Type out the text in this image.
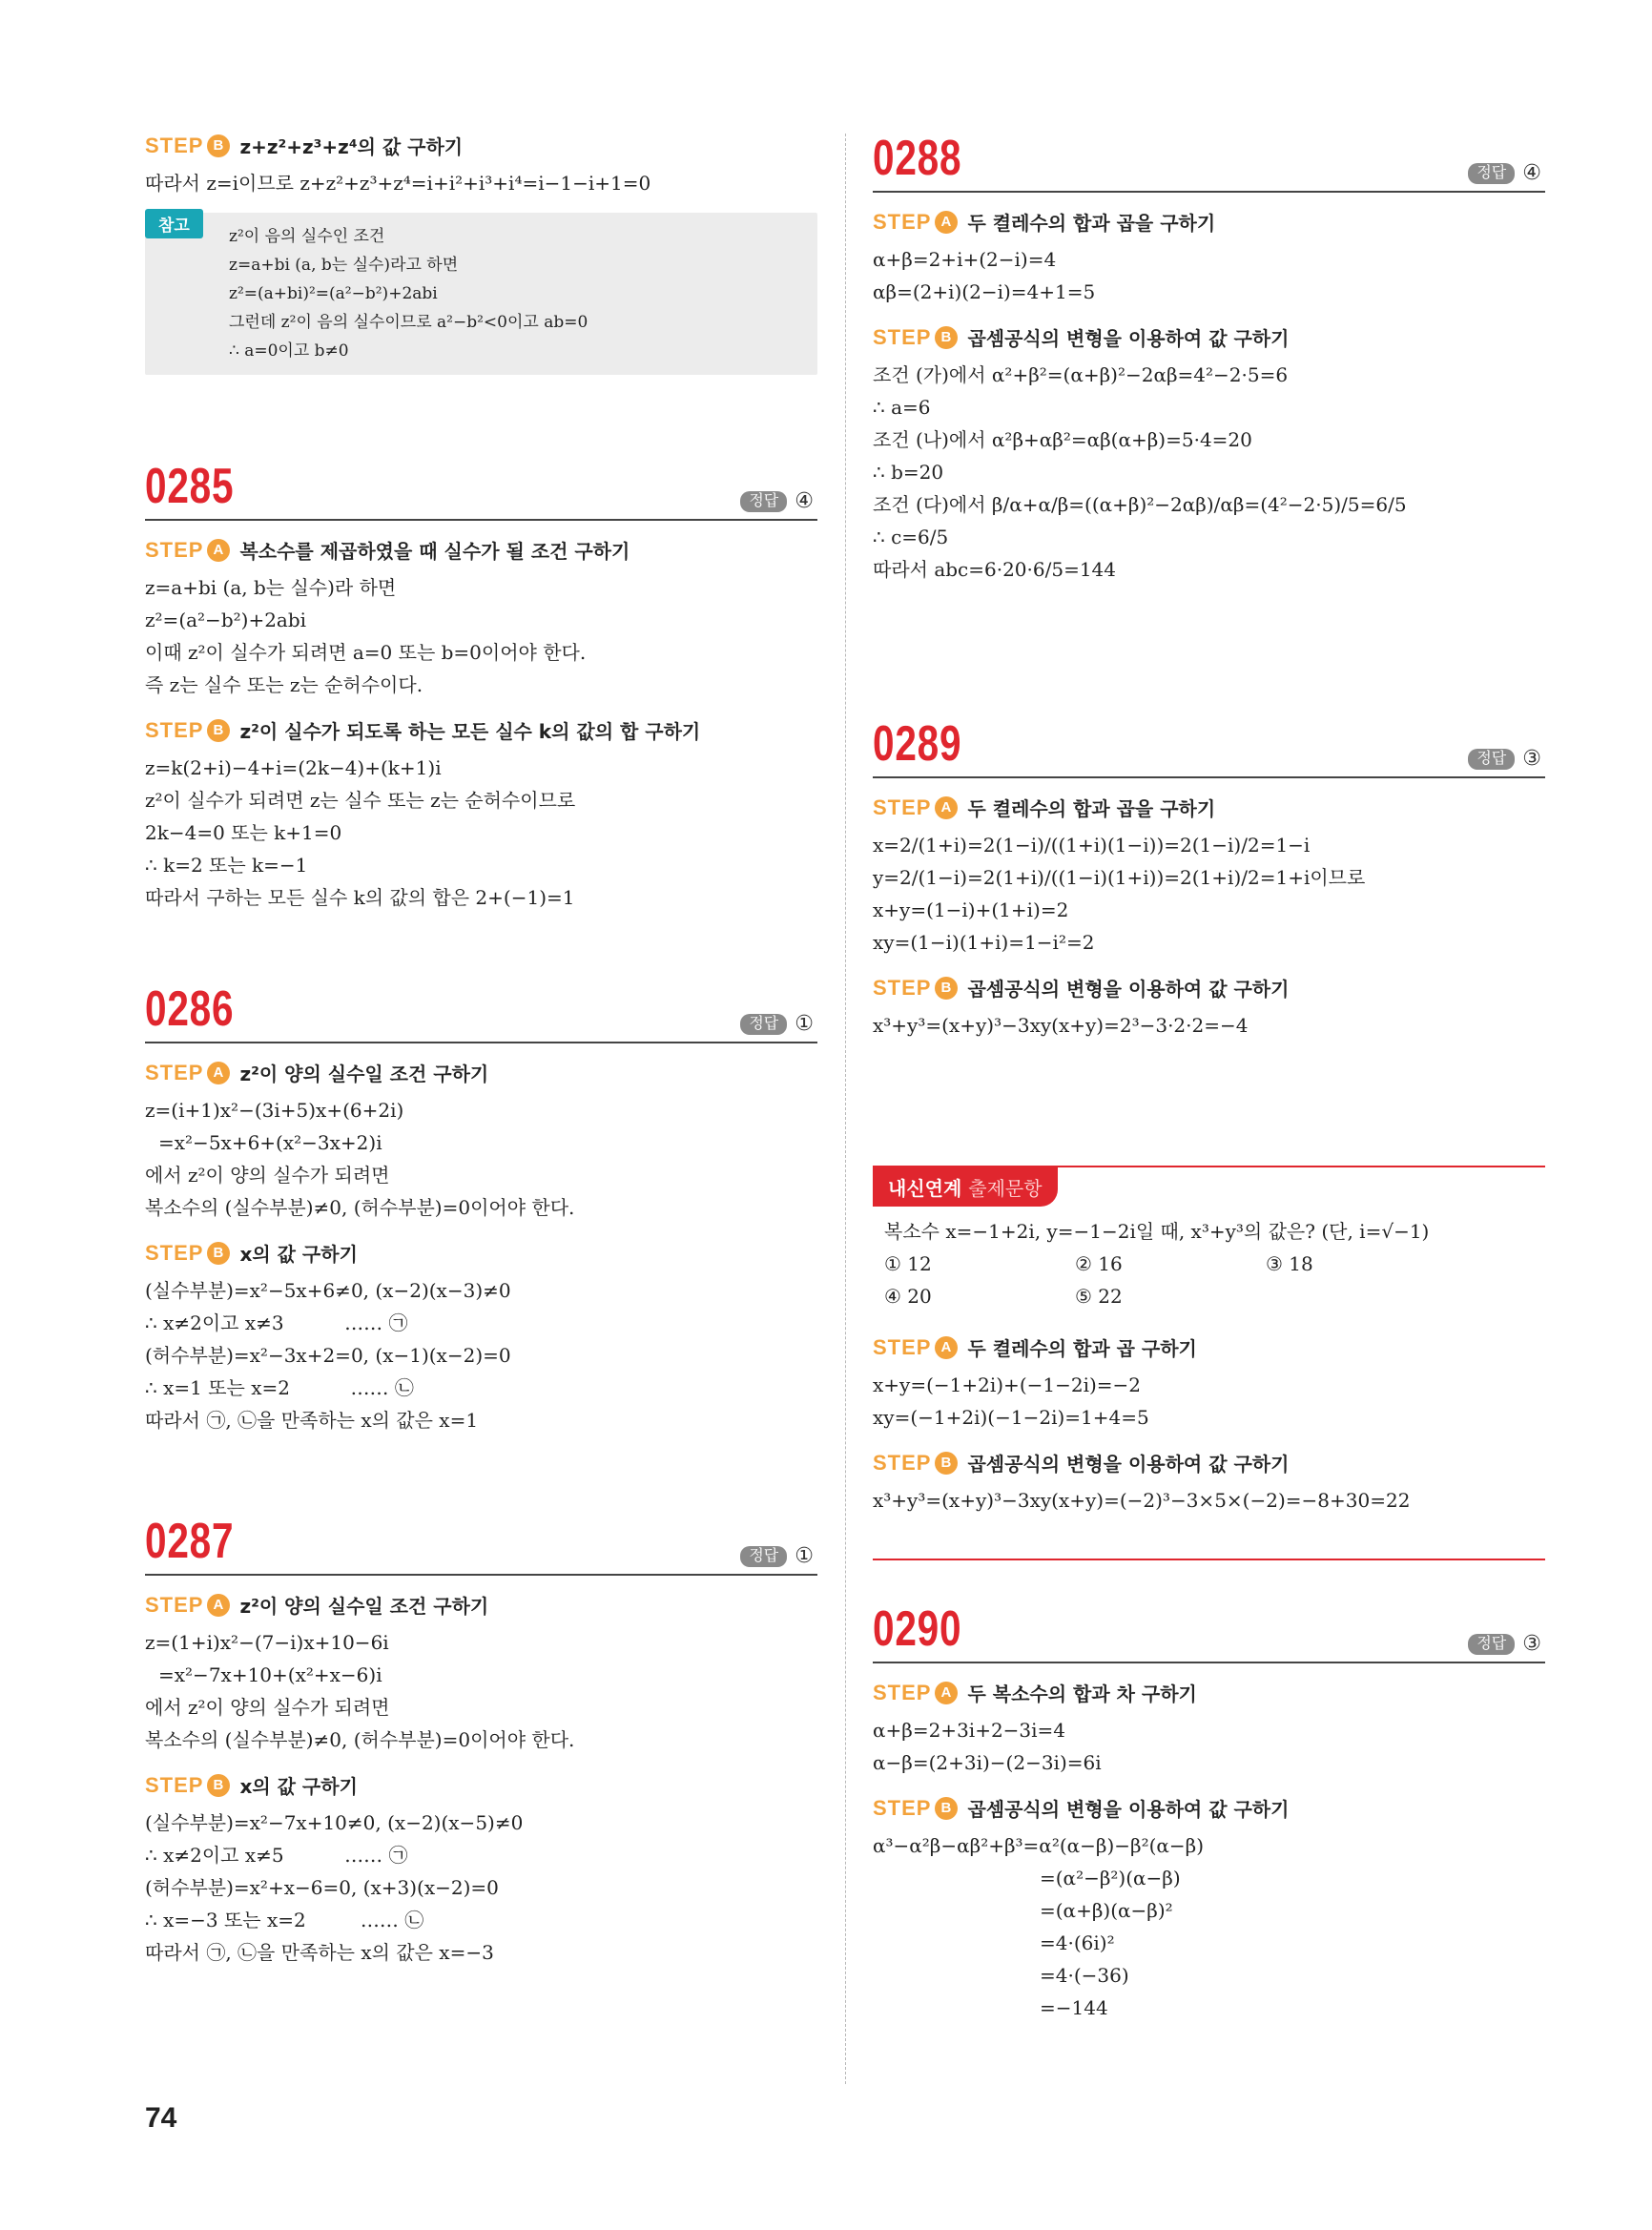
STEP B z+z²+z³+z⁴의 값 구하기
따라서 z=i이므로 z+z²+z³+z⁴=i+i²+i³+i⁴=i−1−i+1=0
참고
z²이 음의 실수인 조건
z=a+bi (a, b는 실수)라고 하면
z²=(a+bi)²=(a²−b²)+2abi
그런데 z²이 음의 실수이므로 a²−b²<0이고 ab=0
∴ a=0이고 b≠0
0285	정답 ④
STEP A 복소수를 제곱하였을 때 실수가 될 조건 구하기
z=a+bi (a, b는 실수)라 하면
z²=(a²−b²)+2abi
이때 z²이 실수가 되려면 a=0 또는 b=0이어야 한다.
즉 z는 실수 또는 z는 순허수이다.
STEP B z²이 실수가 되도록 하는 모든 실수 k의 값의 합 구하기
z=k(2+i)−4+i=(2k−4)+(k+1)i
z²이 실수가 되려면 z는 실수 또는 z는 순허수이므로
2k−4=0 또는 k+1=0
∴ k=2 또는 k=−1
따라서 구하는 모든 실수 k의 값의 합은 2+(−1)=1
0286	정답 ①
STEP A z²이 양의 실수일 조건 구하기
z=(i+1)x²−(3i+5)x+(6+2i)
=x²−5x+6+(x²−3x+2)i
에서 z²이 양의 실수가 되려면
복소수의 (실수부분)≠0, (허수부분)=0이어야 한다.
STEP B x의 값 구하기
(실수부분)=x²−5x+6≠0, (x−2)(x−3)≠0
∴ x≠2이고 x≠3          …… ㉠
(허수부분)=x²−3x+2=0, (x−1)(x−2)=0
∴ x=1 또는 x=2          …… ㉡
따라서 ㉠, ㉡을 만족하는 x의 값은 x=1
0287	정답 ①
STEP A z²이 양의 실수일 조건 구하기
z=(1+i)x²−(7−i)x+10−6i
=x²−7x+10+(x²+x−6)i
에서 z²이 양의 실수가 되려면
복소수의 (실수부분)≠0, (허수부분)=0이어야 한다.
STEP B x의 값 구하기
(실수부분)=x²−7x+10≠0, (x−2)(x−5)≠0
∴ x≠2이고 x≠5          …… ㉠
(허수부분)=x²+x−6=0, (x+3)(x−2)=0
∴ x=−3 또는 x=2         …… ㉡
따라서 ㉠, ㉡을 만족하는 x의 값은 x=−3
0288	정답 ④
STEP A 두 켤레수의 합과 곱을 구하기
α+β=2+i+(2−i)=4
αβ=(2+i)(2−i)=4+1=5
STEP B 곱셈공식의 변형을 이용하여 값 구하기
조건 (가)에서 α²+β²=(α+β)²−2αβ=4²−2·5=6
∴ a=6
조건 (나)에서 α²β+αβ²=αβ(α+β)=5·4=20
∴ b=20
조건 (다)에서 β/α+α/β=((α+β)²−2αβ)/αβ=(4²−2·5)/5=6/5
∴ c=6/5
따라서 abc=6·20·6/5=144
0289	정답 ③
STEP A 두 켤레수의 합과 곱을 구하기
x=2/(1+i)=2(1−i)/((1+i)(1−i))=2(1−i)/2=1−i
y=2/(1−i)=2(1+i)/((1−i)(1+i))=2(1+i)/2=1+i이므로
x+y=(1−i)+(1+i)=2
xy=(1−i)(1+i)=1−i²=2
STEP B 곱셈공식의 변형을 이용하여 값 구하기
x³+y³=(x+y)³−3xy(x+y)=2³−3·2·2=−4
내신연계 출제문항
복소수 x=−1+2i, y=−1−2i일 때, x³+y³의 값은? (단, i=√−1)
① 12	② 16	③ 18
④ 20	⑤ 22
STEP A 두 켤레수의 합과 곱 구하기
x+y=(−1+2i)+(−1−2i)=−2
xy=(−1+2i)(−1−2i)=1+4=5
STEP B 곱셈공식의 변형을 이용하여 값 구하기
x³+y³=(x+y)³−3xy(x+y)=(−2)³−3×5×(−2)=−8+30=22
0290	정답 ③
STEP A 두 복소수의 합과 차 구하기
α+β=2+3i+2−3i=4
α−β=(2+3i)−(2−3i)=6i
STEP B 곱셈공식의 변형을 이용하여 값 구하기
α³−α²β−αβ²+β³=α²(α−β)−β²(α−β)
=(α²−β²)(α−β)
=(α+β)(α−β)²
=4·(6i)²
=4·(−36)
=−144
74
